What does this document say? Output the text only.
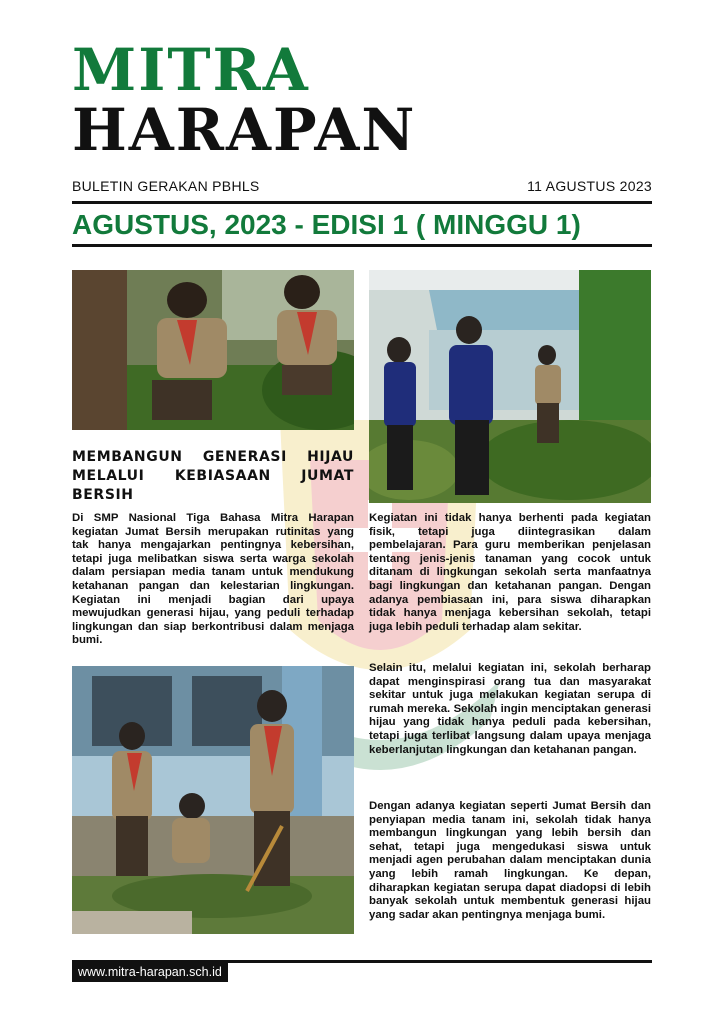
MITRA
HARAPAN
BULETIN GERAKAN PBHLS	11 AGUSTUS 2023
AGUSTUS, 2023 - EDISI 1 ( MINGGU 1)
MEMBANGUN GENERASI HIJAU MELALUI KEBIASAAN JUMAT BERSIH

Di SMP Nasional Tiga Bahasa Mitra Harapan kegiatan Jumat Bersih merupakan rutinitas yang tak hanya mengajarkan pentingnya kebersihan, tetapi juga melibatkan siswa serta warga sekolah dalam persiapan media tanam untuk mendukung ketahanan pangan dan kelestarian lingkungan. Kegiatan ini menjadi bagian dari upaya mewujudkan generasi hijau, yang peduli terhadap lingkungan dan siap berkontribusi dalam menjaga bumi.

Kegiatan ini tidak hanya berhenti pada kegiatan fisik, tetapi juga diintegrasikan dalam pembelajaran. Para guru memberikan penjelasan tentang jenis-jenis tanaman yang cocok untuk ditanam di lingkungan sekolah serta manfaatnya bagi lingkungan dan ketahanan pangan. Dengan adanya pembiasaan ini, para siswa diharapkan tidak hanya menjaga kebersihan sekolah, tetapi juga lebih peduli terhadap alam sekitar.

Selain itu, melalui kegiatan ini, sekolah berharap dapat menginspirasi orang tua dan masyarakat sekitar untuk juga melakukan kegiatan serupa di rumah mereka. Sekolah ingin menciptakan generasi hijau yang tidak hanya peduli pada kebersihan, tetapi juga terlibat langsung dalam upaya menjaga keberlanjutan lingkungan dan ketahanan pangan.

Dengan adanya kegiatan seperti Jumat Bersih dan penyiapan media tanam ini, sekolah tidak hanya membangun lingkungan yang lebih bersih dan sehat, tetapi juga mengedukasi siswa untuk menjadi agen perubahan dalam menciptakan dunia yang lebih ramah lingkungan. Ke depan, diharapkan kegiatan serupa dapat diadopsi di lebih banyak sekolah untuk membentuk generasi hijau yang sadar akan pentingnya menjaga bumi.

www.mitra-harapan.sch.id
